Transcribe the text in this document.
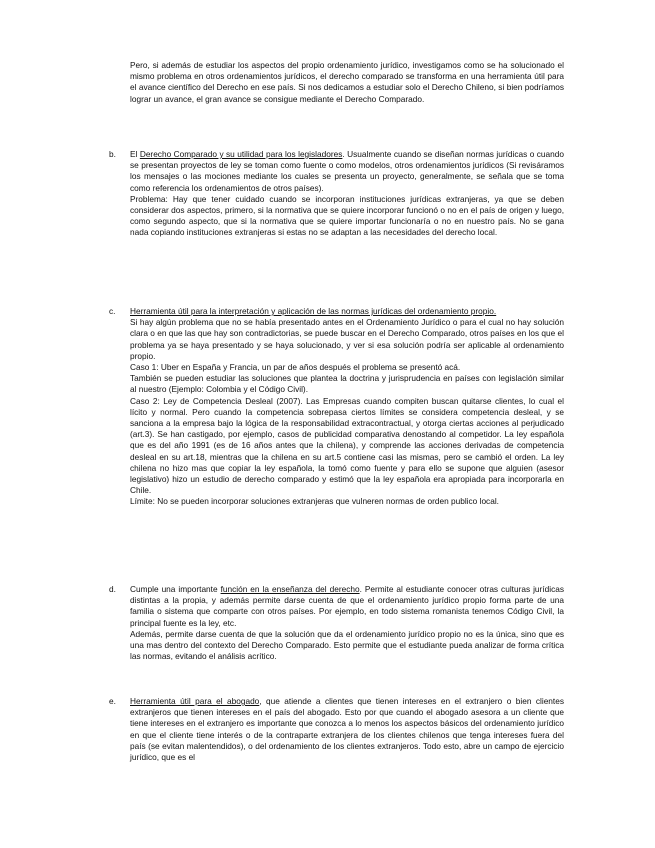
Pero, si además de estudiar los aspectos del propio ordenamiento jurídico, investigamos como se ha solucionado el mismo problema en otros ordenamientos jurídicos, el derecho comparado se transforma en una herramienta útil para el avance científico del Derecho en ese país. Si nos dedicamos a estudiar solo el Derecho Chileno, si bien podríamos lograr un avance, el gran avance se consigue mediante el Derecho Comparado.

b. El Derecho Comparado y su utilidad para los legisladores. Usualmente cuando se diseñan normas jurídicas o cuando se presentan proyectos de ley se toman como fuente o como modelos, otros ordenamientos jurídicos (Si revisáramos los mensajes o las mociones mediante los cuales se presenta un proyecto, generalmente, se señala que se toma como referencia los ordenamientos de otros países).

Problema: Hay que tener cuidado cuando se incorporan instituciones jurídicas extranjeras, ya que se deben considerar dos aspectos, primero, si la normativa que se quiere incorporar funcionó o no en el país de origen y luego, como segundo aspecto, que si la normativa que se quiere importar funcionaría o no en nuestro país. No se gana nada copiando instituciones extranjeras si estas no se adaptan a las necesidades del derecho local.

c. Herramienta útil para la interpretación y aplicación de las normas jurídicas del ordenamiento propio.

Si hay algún problema que no se había presentado antes en el Ordenamiento Jurídico o para el cual no hay solución clara o en que las que hay son contradictorias, se puede buscar en el Derecho Comparado, otros países en los que el problema ya se haya presentado y se haya solucionado, y ver si esa solución podría ser aplicable al ordenamiento propio.

Caso 1: Uber en España y Francia, un par de años después el problema se presentó acá.

También se pueden estudiar las soluciones que plantea la doctrina y jurisprudencia en países con legislación similar al nuestro (Ejemplo: Colombia y el Código Civil).

Caso 2: Ley de Competencia Desleal (2007). Las Empresas cuando compiten buscan quitarse clientes, lo cual el lícito y normal. Pero cuando la competencia sobrepasa ciertos límites se considera competencia desleal, y se sanciona a la empresa bajo la lógica de la responsabilidad extracontractual, y otorga ciertas acciones al perjudicado (art.3). Se han castigado, por ejemplo, casos de publicidad comparativa denostando al competidor. La ley española que es del año 1991 (es de 16 años antes que la chilena), y comprende las acciones derivadas de competencia desleal en su art.18, mientras que la chilena en su art.5 contiene casi las mismas, pero se cambió el orden. La ley chilena no hizo mas que copiar la ley española, la tomó como fuente y para ello se supone que alguien (asesor legislativo) hizo un estudio de derecho comparado y estimó que la ley española era apropiada para incorporarla en Chile.

Límite: No se pueden incorporar soluciones extranjeras que vulneren normas de orden publico local.

d. Cumple una importante función en la enseñanza del derecho. Permite al estudiante conocer otras culturas jurídicas distintas a la propia, y además permite darse cuenta de que el ordenamiento jurídico propio forma parte de una familia o sistema que comparte con otros países. Por ejemplo, en todo sistema romanista tenemos Código Civil, la principal fuente es la ley, etc.

Además, permite darse cuenta de que la solución que da el ordenamiento jurídico propio no es la única, sino que es una mas dentro del contexto del Derecho Comparado. Esto permite que el estudiante pueda analizar de forma crítica las normas, evitando el análisis acrítico.

e. Herramienta útil para el abogado, que atiende a clientes que tienen intereses en el extranjero o bien clientes extranjeros que tienen intereses en el país del abogado. Esto por que cuando el abogado asesora a un cliente que tiene intereses en el extranjero es importante que conozca a lo menos los aspectos básicos del ordenamiento jurídico en que el cliente tiene interés o de la contraparte extranjera de los clientes chilenos que tenga intereses fuera del país (se evitan malentendidos), o del ordenamiento de los clientes extranjeros. Todo esto, abre un campo de ejercicio jurídico, que es el
